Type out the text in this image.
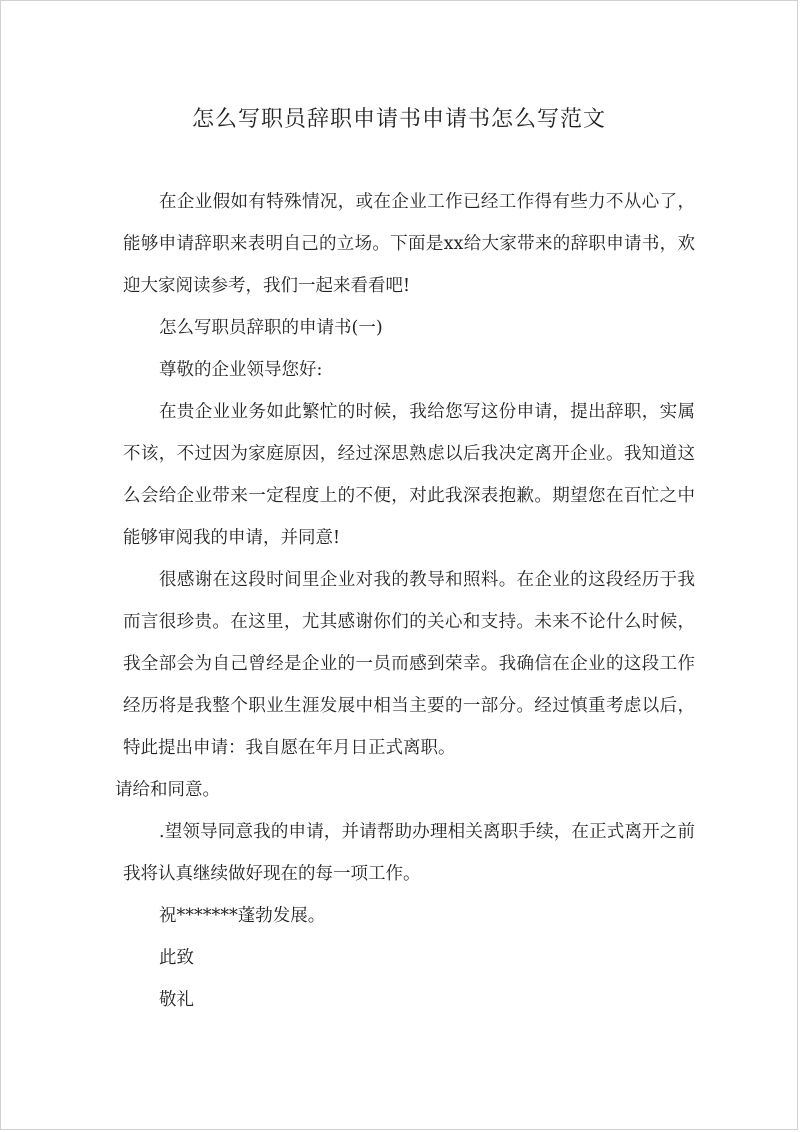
怎么写职员辞职申请书申请书怎么写范文

在企业假如有特殊情况，或在企业工作已经工作得有些力不从心了，能够申请辞职来表明自己的立场。下面是xx给大家带来的辞职申请书，欢迎大家阅读参考，我们一起来看看吧!

怎么写职员辞职的申请书(一)

尊敬的企业领导您好:

在贵企业业务如此繁忙的时候，我给您写这份申请，提出辞职，实属不该，不过因为家庭原因，经过深思熟虑以后我决定离开企业。我知道这么会给企业带来一定程度上的不便，对此我深表抱歉。期望您在百忙之中能够审阅我的申请，并同意!

很感谢在这段时间里企业对我的教导和照料。在企业的这段经历于我而言很珍贵。在这里，尤其感谢你们的关心和支持。未来不论什么时候，我全部会为自己曾经是企业的一员而感到荣幸。我确信在企业的这段工作经历将是我整个职业生涯发展中相当主要的一部分。经过慎重考虑以后，特此提出申请：我自愿在年月日正式离职。

请给和同意。

.望领导同意我的申请，并请帮助办理相关离职手续，在正式离开之前我将认真继续做好现在的每一项工作。

祝*******蓬勃发展。

此致

敬礼
